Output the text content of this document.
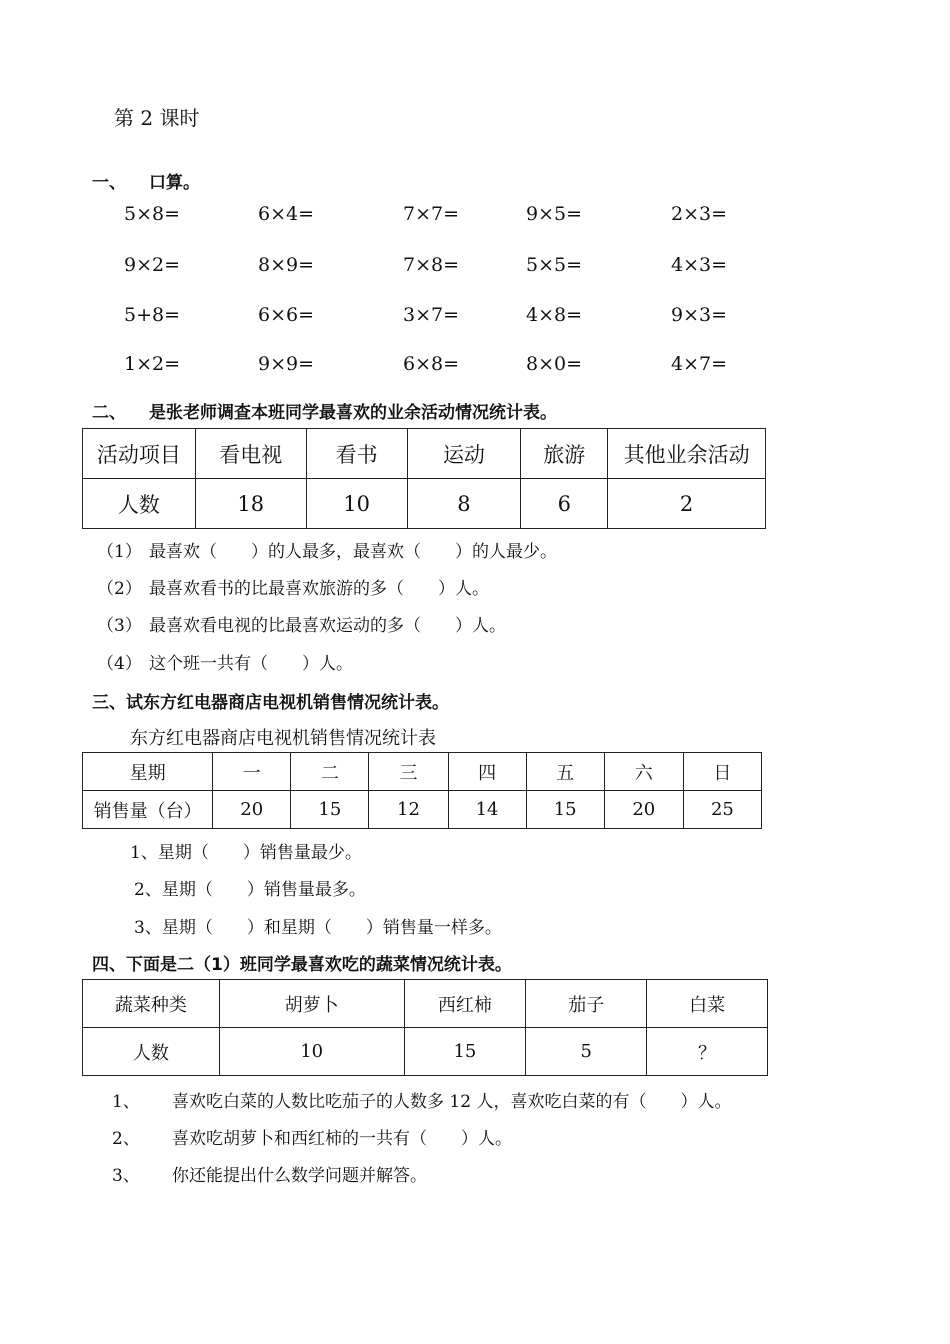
第 2 课时
一、 口算。
5×8=	6×4=	7×7=	9×5=	2×3=
9×2=	8×9=	7×8=	5×5=	4×3=
5+8=	6×6=	3×7=	4×8=	9×3=
1×2=	9×9=	6×8=	8×0=	4×7=
二、 是张老师调查本班同学最喜欢的业余活动情况统计表。
活动项目	看电视	看书	运动	旅游	其他业余活动
人数	18	10	8	6	2
（1） 最喜欢（　　）的人最多，最喜欢（　　）的人最少。
（2） 最喜欢看书的比最喜欢旅游的多（　　）人。
（3） 最喜欢看电视的比最喜欢运动的多（　　）人。
（4） 这个班一共有（　　）人。
三、试东方红电器商店电视机销售情况统计表。
东方红电器商店电视机销售情况统计表
星期	一	二	三	四	五	六	日
销售量（台）	20	15	12	14	15	20	25
1、星期（　　）销售量最少。
2、星期（　　）销售量最多。
3、星期（　　）和星期（　　）销售量一样多。
四、下面是二（1）班同学最喜欢吃的蔬菜情况统计表。
蔬菜种类	胡萝卜	西红柿	茄子	白菜
人数	10	15	5	？
1、 喜欢吃白菜的人数比吃茄子的人数多 12 人，喜欢吃白菜的有（　　）人。
2、 喜欢吃胡萝卜和西红柿的一共有（　　）人。
3、 你还能提出什么数学问题并解答。
